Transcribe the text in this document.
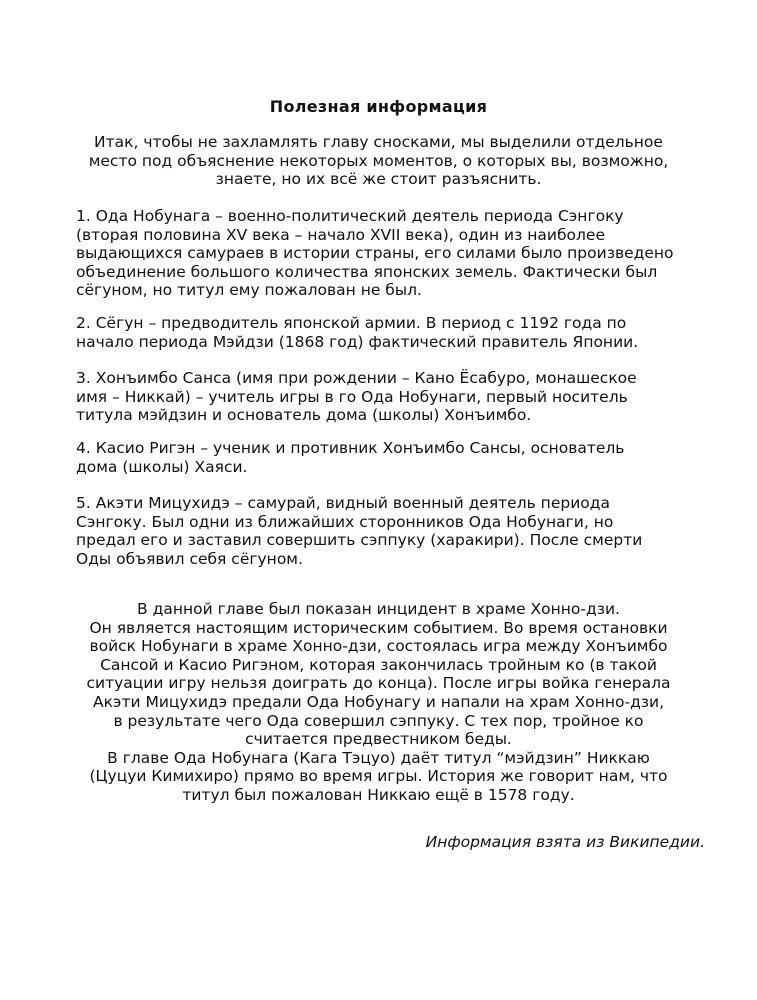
Полезная информация
Итак, чтобы не захламлять главу сносками, мы выделили отдельное
место под объяснение некоторых моментов, о которых вы, возможно,
знаете, но их всё же стоит разъяснить.
1. Ода Нобунага – военно-политический деятель периода Сэнгоку
(вторая половина XV века – начало XVII века), один из наиболее
выдающихся самураев в истории страны, его силами было произведено
объединение большого количества японских земель. Фактически был
сёгуном, но титул ему пожалован не был.
2. Сёгун – предводитель японской армии. В период с 1192 года по
начало периода Мэйдзи (1868 год) фактический правитель Японии.
3. Хонъимбо Санса (имя при рождении – Кано Ёсабуро, монашеское
имя – Никкай) – учитель игры в го Ода Нобунаги, первый носитель
титула мэйдзин и основатель дома (школы) Хонъимбо.
4. Касио Ригэн – ученик и противник Хонъимбо Сансы, основатель
дома (школы) Хаяси.
5. Акэти Мицухидэ – самурай, видный военный деятель периода
Сэнгоку. Был одни из ближайших сторонников Ода Нобунаги, но
предал его и заставил совершить сэппуку (харакири). После смерти
Оды объявил себя сёгуном.
В данной главе был показан инцидент в храме Хонно-дзи.
Он является настоящим историческим событием. Во время остановки
войск Нобунаги в храме Хонно-дзи, состоялась игра между Хонъимбо
Сансой и Касио Ригэном, которая закончилась тройным ко (в такой
ситуации игру нельзя доиграть до конца). После игры войка генерала
Акэти Мицухидэ предали Ода Нобунагу и напали на храм Хонно-дзи,
в результате чего Ода совершил сэппуку. С тех пор, тройное ко
считается предвестником беды.
В главе Ода Нобунага (Кага Тэцуо) даёт титул “мэйдзин” Никкаю
(Цуцуи Кимихиро) прямо во время игры. История же говорит нам, что
титул был пожалован Никкаю ещё в 1578 году.
Информация взята из Википедии.
